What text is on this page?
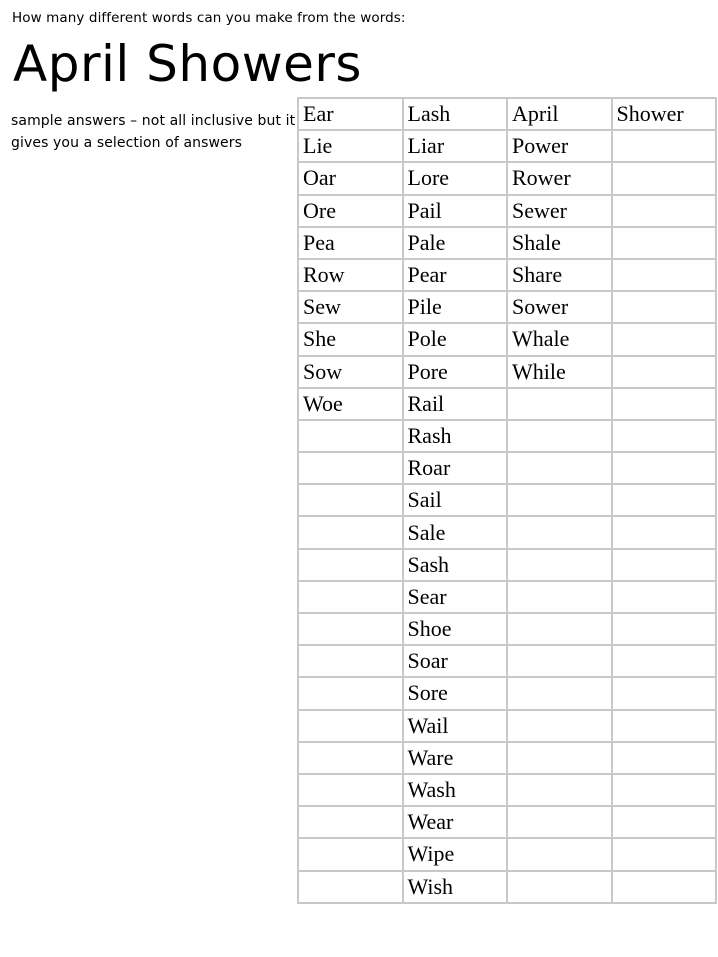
How many different words can you make from the words:
April Showers
sample answers – not all inclusive but it gives you a selection of answers
Ear	Lash	April	Shower
Lie	Liar	Power	
Oar	Lore	Rower	
Ore	Pail	Sewer	
Pea	Pale	Shale	
Row	Pear	Share	
Sew	Pile	Sower	
She	Pole	Whale	
Sow	Pore	While	
Woe	Rail		
	Rash		
	Roar		
	Sail		
	Sale		
	Sash		
	Sear		
	Shoe		
	Soar		
	Sore		
	Wail		
	Ware		
	Wash		
	Wear		
	Wipe		
	Wish		
